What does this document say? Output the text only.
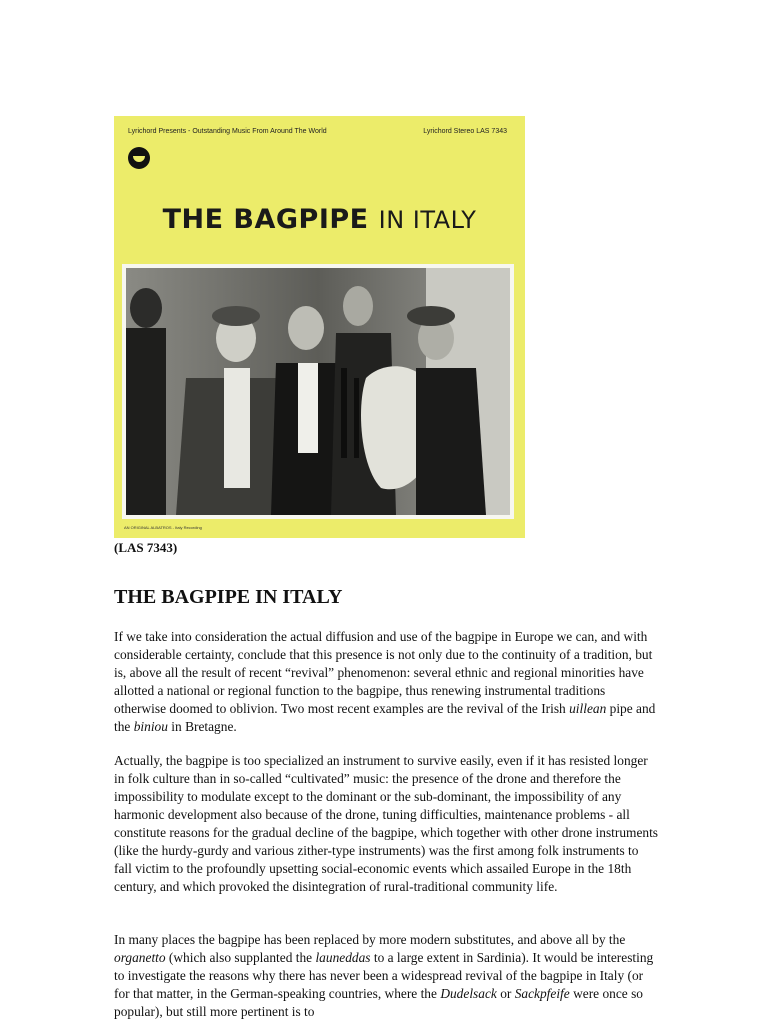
Lyrichord Presents - Outstanding Music From Around The World	Lyrichord Stereo LAS 7343
THE BAGPIPE IN ITALY
AN ORIGINAL ALBATROS - Italy Recording
(LAS 7343)
THE BAGPIPE IN ITALY

If we take into consideration the actual diffusion and use of the bagpipe in Europe we can, and with considerable certainty, conclude that this presence is not only due to the continuity of a tradition, but is, above all the result of recent “revival” phenomenon: several ethnic and regional minorities have allotted a national or regional function to the bagpipe, thus renewing instrumental traditions otherwise doomed to oblivion. Two most recent examples are the revival of the Irish uillean pipe and the biniou in Bretagne.

Actually, the bagpipe is too specialized an instrument to survive easily, even if it has resisted longer in folk culture than in so-called “cultivated” music: the presence of the drone and therefore the impossibility to modulate except to the dominant or the sub-dominant, the impossibility of any harmonic development also because of the drone, tuning difficulties, maintenance problems - all constitute reasons for the gradual decline of the bagpipe, which together with other drone instruments (like the hurdy-gurdy and various zither-type instruments) was the first among folk instruments to fall victim to the profoundly upsetting social-economic events which assailed Europe in the 18th century, and which provoked the disintegration of rural-traditional community life.

In many places the bagpipe has been replaced by more modern substitutes, and above all by the organetto (which also supplanted the launeddas to a large extent in Sardinia). It would be interesting to investigate the reasons why there has never been a widespread revival of the bagpipe in Italy (or for that matter, in the German-speaking countries, where the Dudelsack or Sackpfeife were once so popular), but still more pertinent is to
